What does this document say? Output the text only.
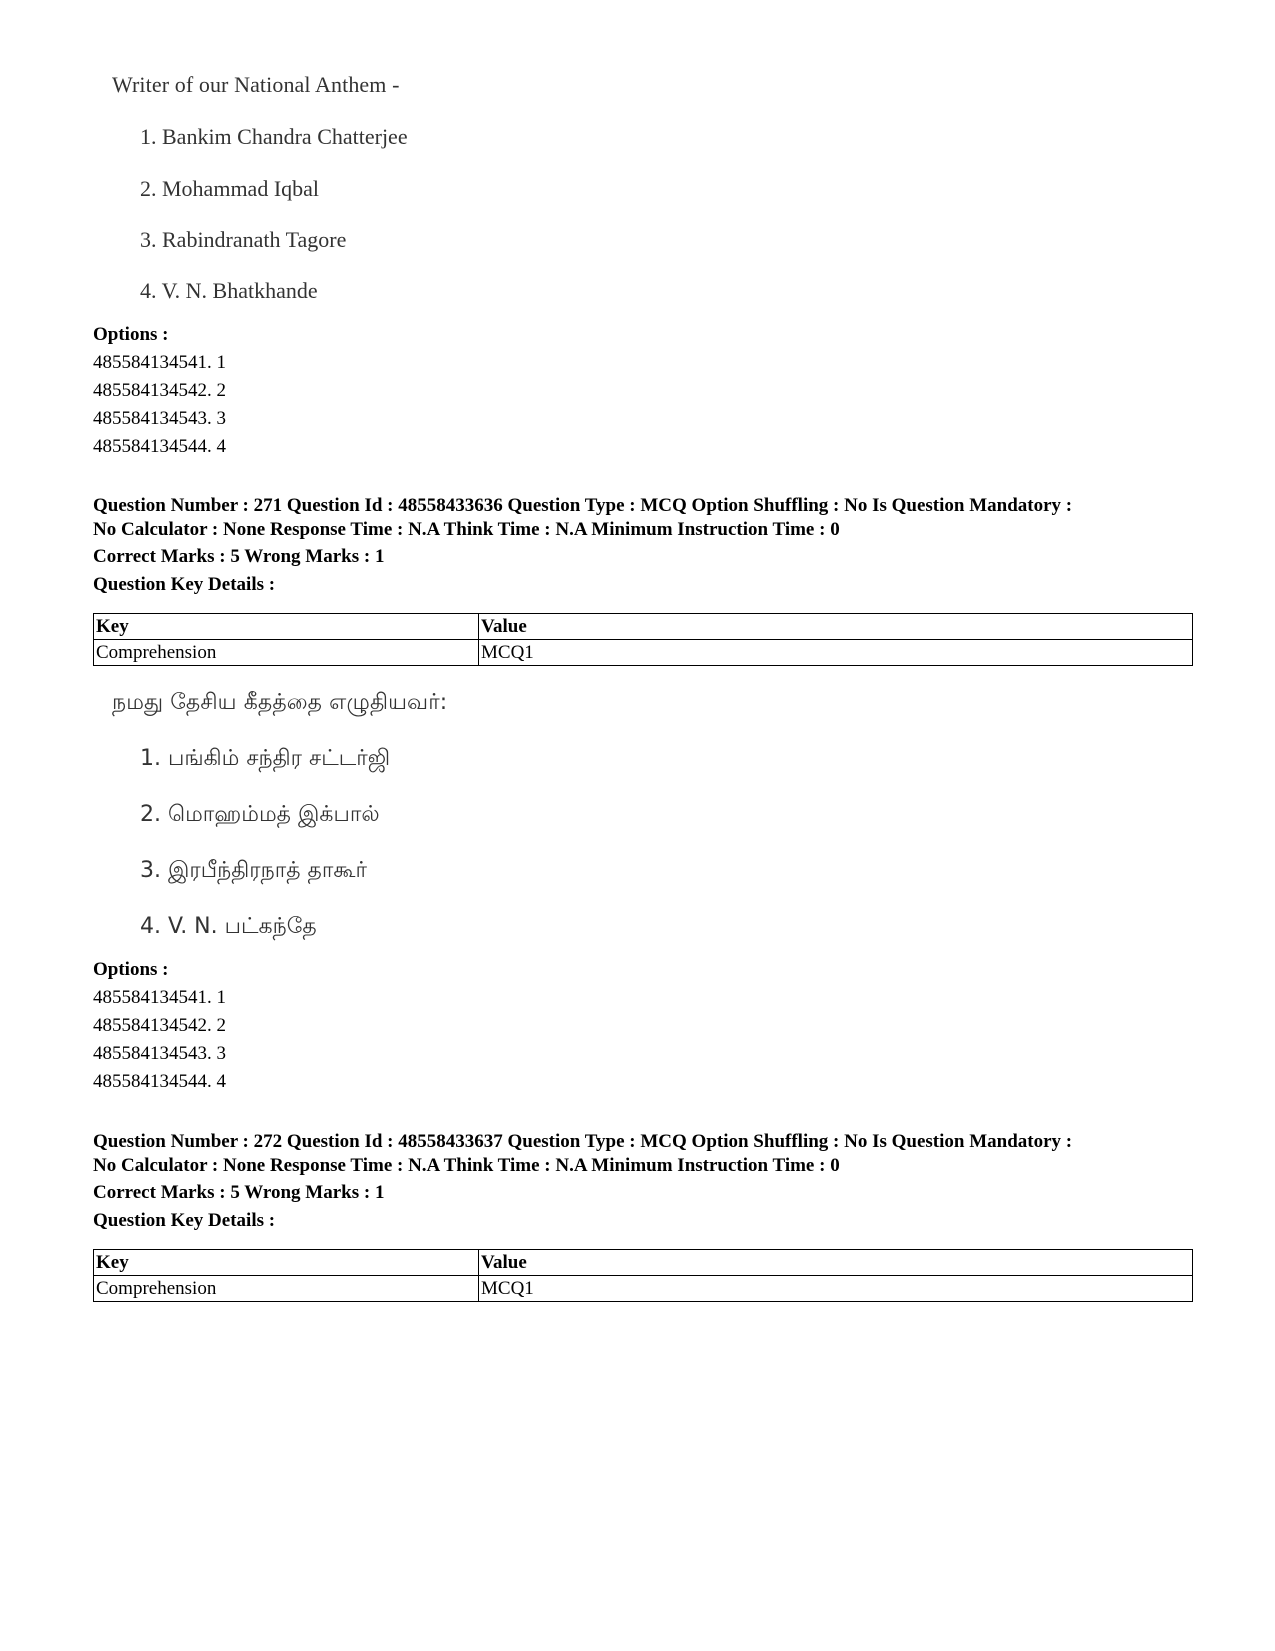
Writer of our National Anthem -

1. Bankim Chandra Chatterjee

2. Mohammad Iqbal

3. Rabindranath Tagore

4. V. N. Bhatkhande

Options :
485584134541. 1
485584134542. 2
485584134543. 3
485584134544. 4
Question Number : 271 Question Id : 48558433636 Question Type : MCQ Option Shuffling : No Is Question Mandatory :
No Calculator : None Response Time : N.A Think Time : N.A Minimum Instruction Time : 0
Correct Marks : 5 Wrong Marks : 1
Question Key Details :
Key	Value
Comprehension	MCQ1

நமது தேசிய கீதத்தை எழுதியவர்:

1. பங்கிம் சந்திர சட்டர்ஜி

2. மொஹம்மத் இக்பால்

3. இரபீந்திரநாத் தாகூர்

4. V. N. பட்கந்தே

Options :
485584134541. 1
485584134542. 2
485584134543. 3
485584134544. 4
Question Number : 272 Question Id : 48558433637 Question Type : MCQ Option Shuffling : No Is Question Mandatory :
No Calculator : None Response Time : N.A Think Time : N.A Minimum Instruction Time : 0
Correct Marks : 5 Wrong Marks : 1
Question Key Details :
Key	Value
Comprehension	MCQ1
